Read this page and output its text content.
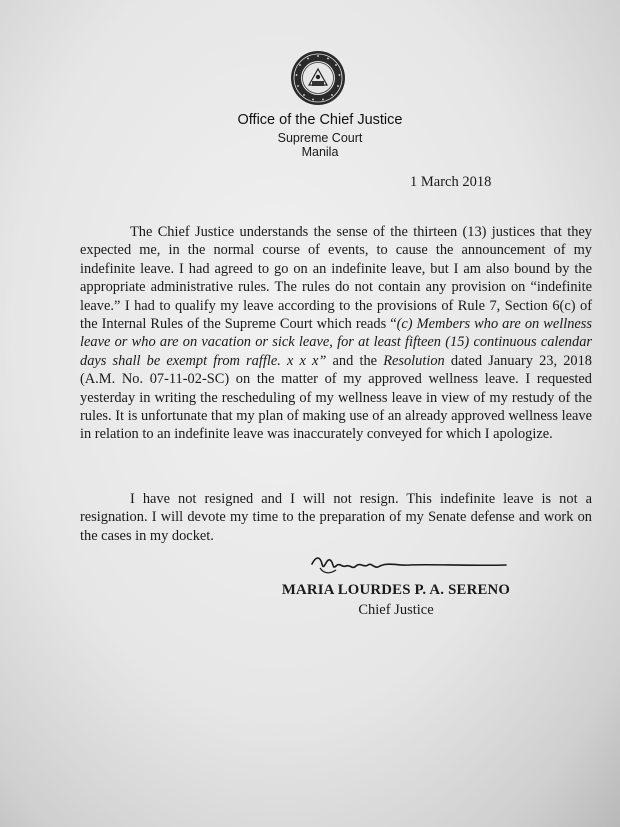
Office of the Chief Justice
Supreme Court
Manila
1 March 2018
The Chief Justice understands the sense of the thirteen (13) justices that they expected me, in the normal course of events, to cause the announcement of my indefinite leave. I had agreed to go on an indefinite leave, but I am also bound by the appropriate administrative rules. The rules do not contain any provision on “indefinite leave.” I had to qualify my leave according to the provisions of Rule 7, Section 6(c) of the Internal Rules of the Supreme Court which reads “(c) Members who are on wellness leave or who are on vacation or sick leave, for at least fifteen (15) continuous calendar days shall be exempt from raffle. x x x” and the Resolution dated January 23, 2018 (A.M. No. 07-11-02-SC) on the matter of my approved wellness leave. I requested yesterday in writing the rescheduling of my wellness leave in view of my restudy of the rules. It is unfortunate that my plan of making use of an already approved wellness leave in relation to an indefinite leave was inaccurately conveyed for which I apologize.
I have not resigned and I will not resign. This indefinite leave is not a resignation. I will devote my time to the preparation of my Senate defense and work on the cases in my docket.
MARIA LOURDES P. A. SERENO
Chief Justice
